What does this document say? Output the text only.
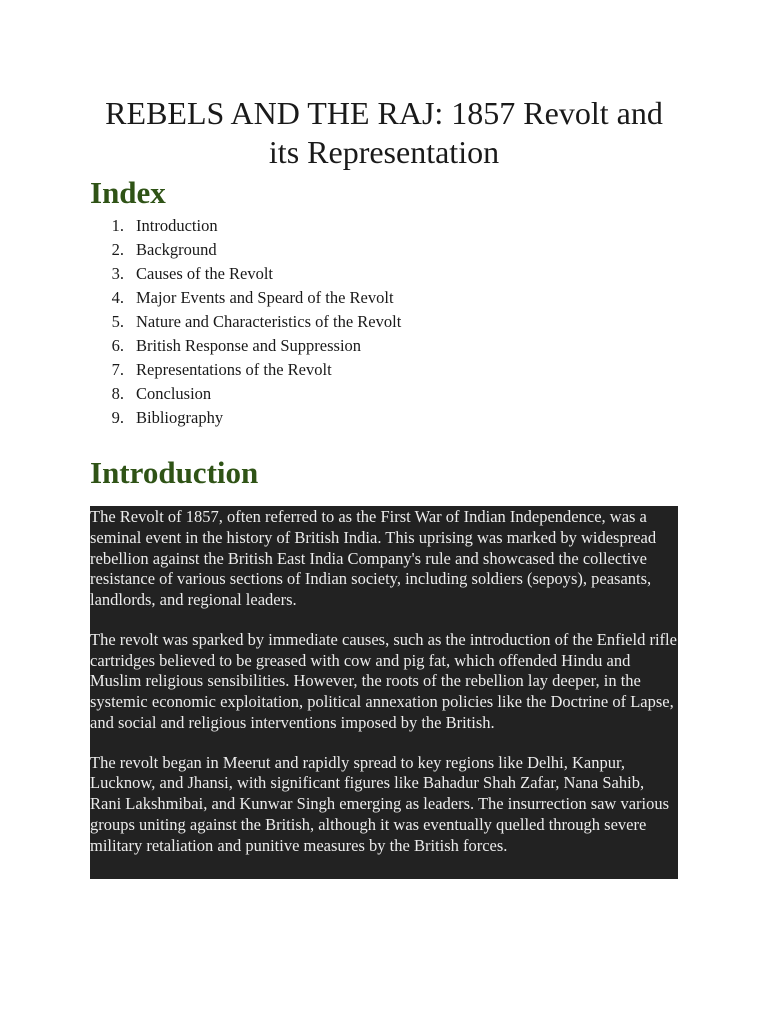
REBELS AND THE RAJ: 1857 Revolt and its Representation
Index
1. Introduction
2. Background
3. Causes of the Revolt
4. Major Events and Speard of the Revolt
5. Nature and Characteristics of the Revolt
6. British Response and Suppression
7. Representations of the Revolt
8. Conclusion
9. Bibliography
Introduction

The Revolt of 1857, often referred to as the First War of Indian Independence, was a seminal event in the history of British India. This uprising was marked by widespread rebellion against the British East India Company's rule and showcased the collective resistance of various sections of Indian society, including soldiers (sepoys), peasants, landlords, and regional leaders.

The revolt was sparked by immediate causes, such as the introduction of the Enfield rifle cartridges believed to be greased with cow and pig fat, which offended Hindu and Muslim religious sensibilities. However, the roots of the rebellion lay deeper, in the systemic economic exploitation, political annexation policies like the Doctrine of Lapse, and social and religious interventions imposed by the British.

The revolt began in Meerut and rapidly spread to key regions like Delhi, Kanpur, Lucknow, and Jhansi, with significant figures like Bahadur Shah Zafar, Nana Sahib, Rani Lakshmibai, and Kunwar Singh emerging as leaders. The insurrection saw various groups uniting against the British, although it was eventually quelled through severe military retaliation and punitive measures by the British forces.
